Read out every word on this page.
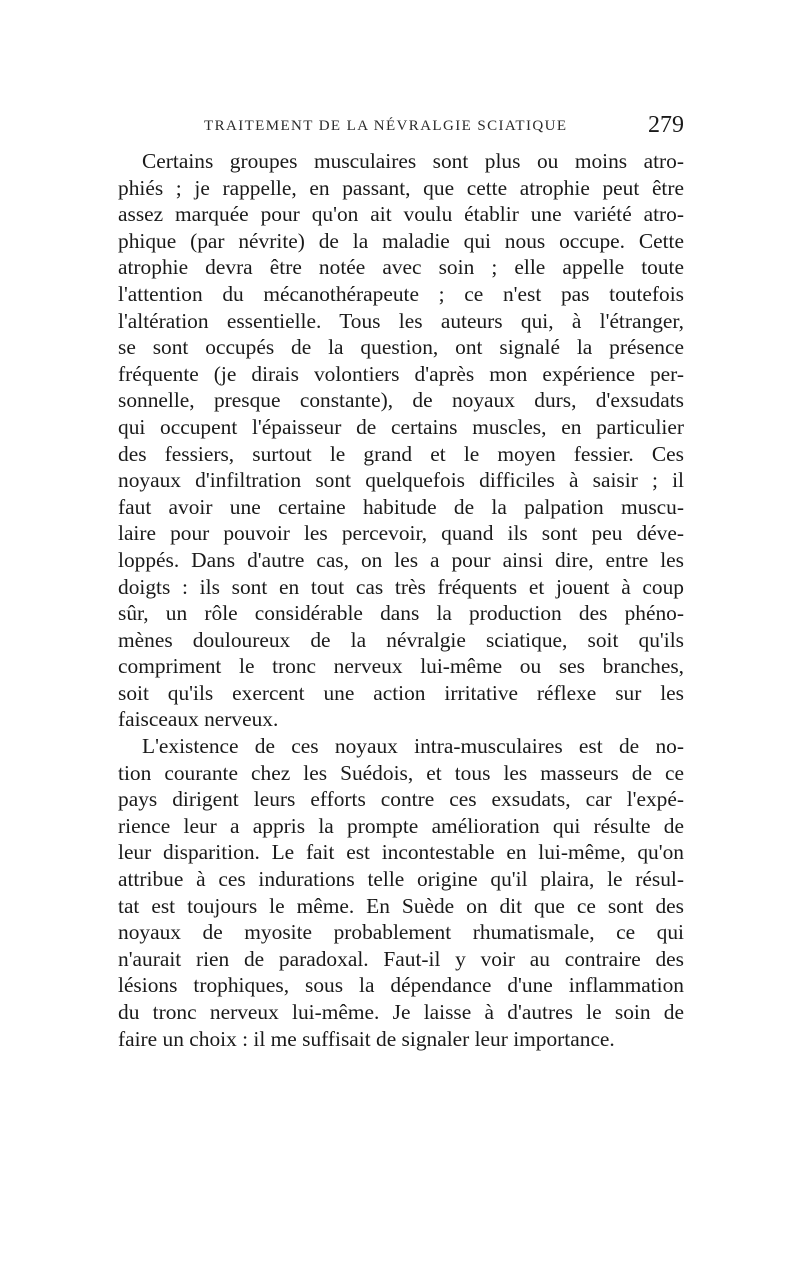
TRAITEMENT DE LA NÉVRALGIE SCIATIQUE	279
Certains groupes musculaires sont plus ou moins atro-
phiés ; je rappelle, en passant, que cette atrophie peut être
assez marquée pour qu'on ait voulu établir une variété atro-
phique (par névrite) de la maladie qui nous occupe. Cette
atrophie devra être notée avec soin ; elle appelle toute
l'attention du mécanothérapeute ; ce n'est pas toutefois
l'altération essentielle. Tous les auteurs qui, à l'étranger,
se sont occupés de la question, ont signalé la présence
fréquente (je dirais volontiers d'après mon expérience per-
sonnelle, presque constante), de noyaux durs, d'exsudats
qui occupent l'épaisseur de certains muscles, en particulier
des fessiers, surtout le grand et le moyen fessier. Ces
noyaux d'infiltration sont quelquefois difficiles à saisir ; il
faut avoir une certaine habitude de la palpation muscu-
laire pour pouvoir les percevoir, quand ils sont peu déve-
loppés. Dans d'autre cas, on les a pour ainsi dire, entre les
doigts : ils sont en tout cas très fréquents et jouent à coup
sûr, un rôle considérable dans la production des phéno-
mènes douloureux de la névralgie sciatique, soit qu'ils
compriment le tronc nerveux lui-même ou ses branches,
soit qu'ils exercent une action irritative réflexe sur les
faisceaux nerveux.
L'existence de ces noyaux intra-musculaires est de no-
tion courante chez les Suédois, et tous les masseurs de ce
pays dirigent leurs efforts contre ces exsudats, car l'expé-
rience leur a appris la prompte amélioration qui résulte de
leur disparition. Le fait est incontestable en lui-même, qu'on
attribue à ces indurations telle origine qu'il plaira, le résul-
tat est toujours le même. En Suède on dit que ce sont des
noyaux de myosite probablement rhumatismale, ce qui
n'aurait rien de paradoxal. Faut-il y voir au contraire des
lésions trophiques, sous la dépendance d'une inflammation
du tronc nerveux lui-même. Je laisse à d'autres le soin de
faire un choix : il me suffisait de signaler leur importance.
